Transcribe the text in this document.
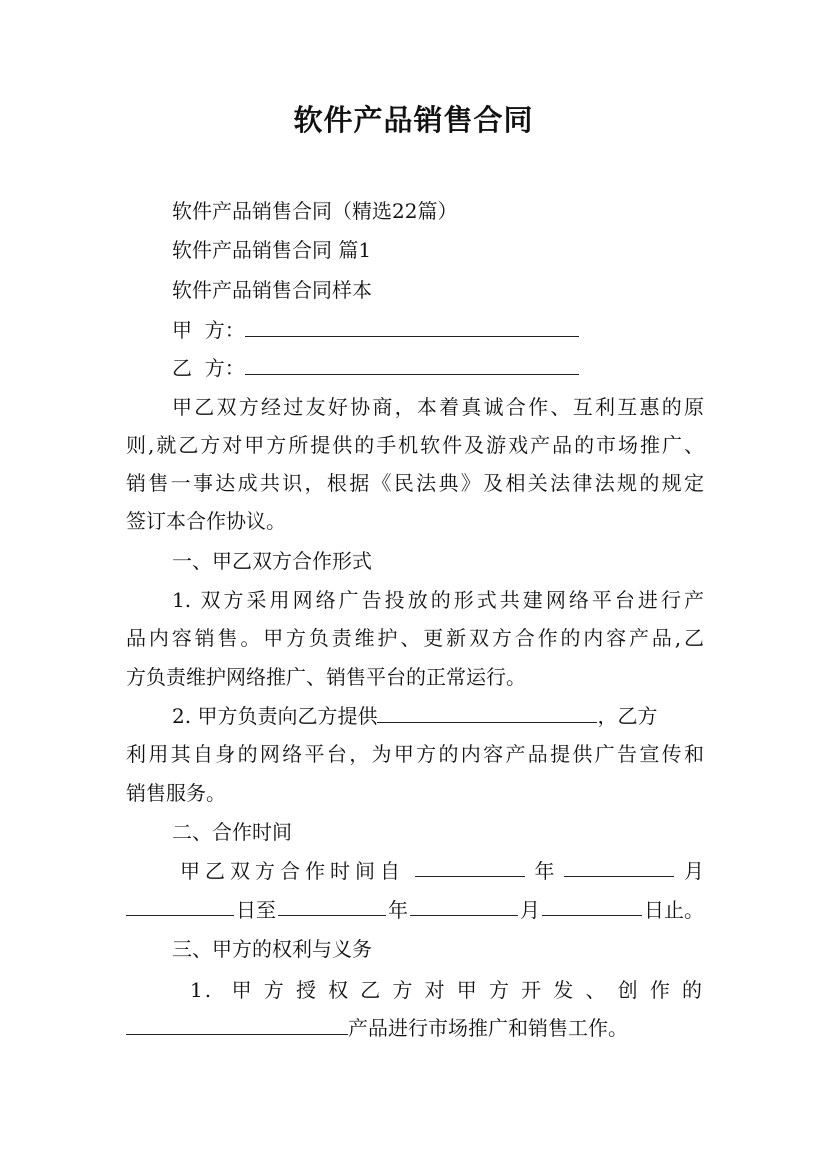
软件产品销售合同
软件产品销售合同（精选22篇）
软件产品销售合同 篇1
软件产品销售合同样本
甲  方：
乙  方：
甲乙双方经过友好协商，本着真诚合作、互利互惠的原
则,就乙方对甲方所提供的手机软件及游戏产品的市场推广、
销售一事达成共识，根据《民法典》及相关法律法规的规定
签订本合作协议。
一、甲乙双方合作形式
1. 双方采用网络广告投放的形式共建网络平台进行产
品内容销售。甲方负责维护、更新双方合作的内容产品,乙
方负责维护网络推广、销售平台的正常运行。
2. 甲方负责向乙方提供	，乙方
利用其自身的网络平台，为甲方的内容产品提供广告宣传和
销售服务。
二、合作时间
甲乙双方合作时间自	年	月
日至	年	月	日止。
三、甲方的权利与义务
1. 甲方授权乙方对甲方开发、创作的
产品进行市场推广和销售工作。
